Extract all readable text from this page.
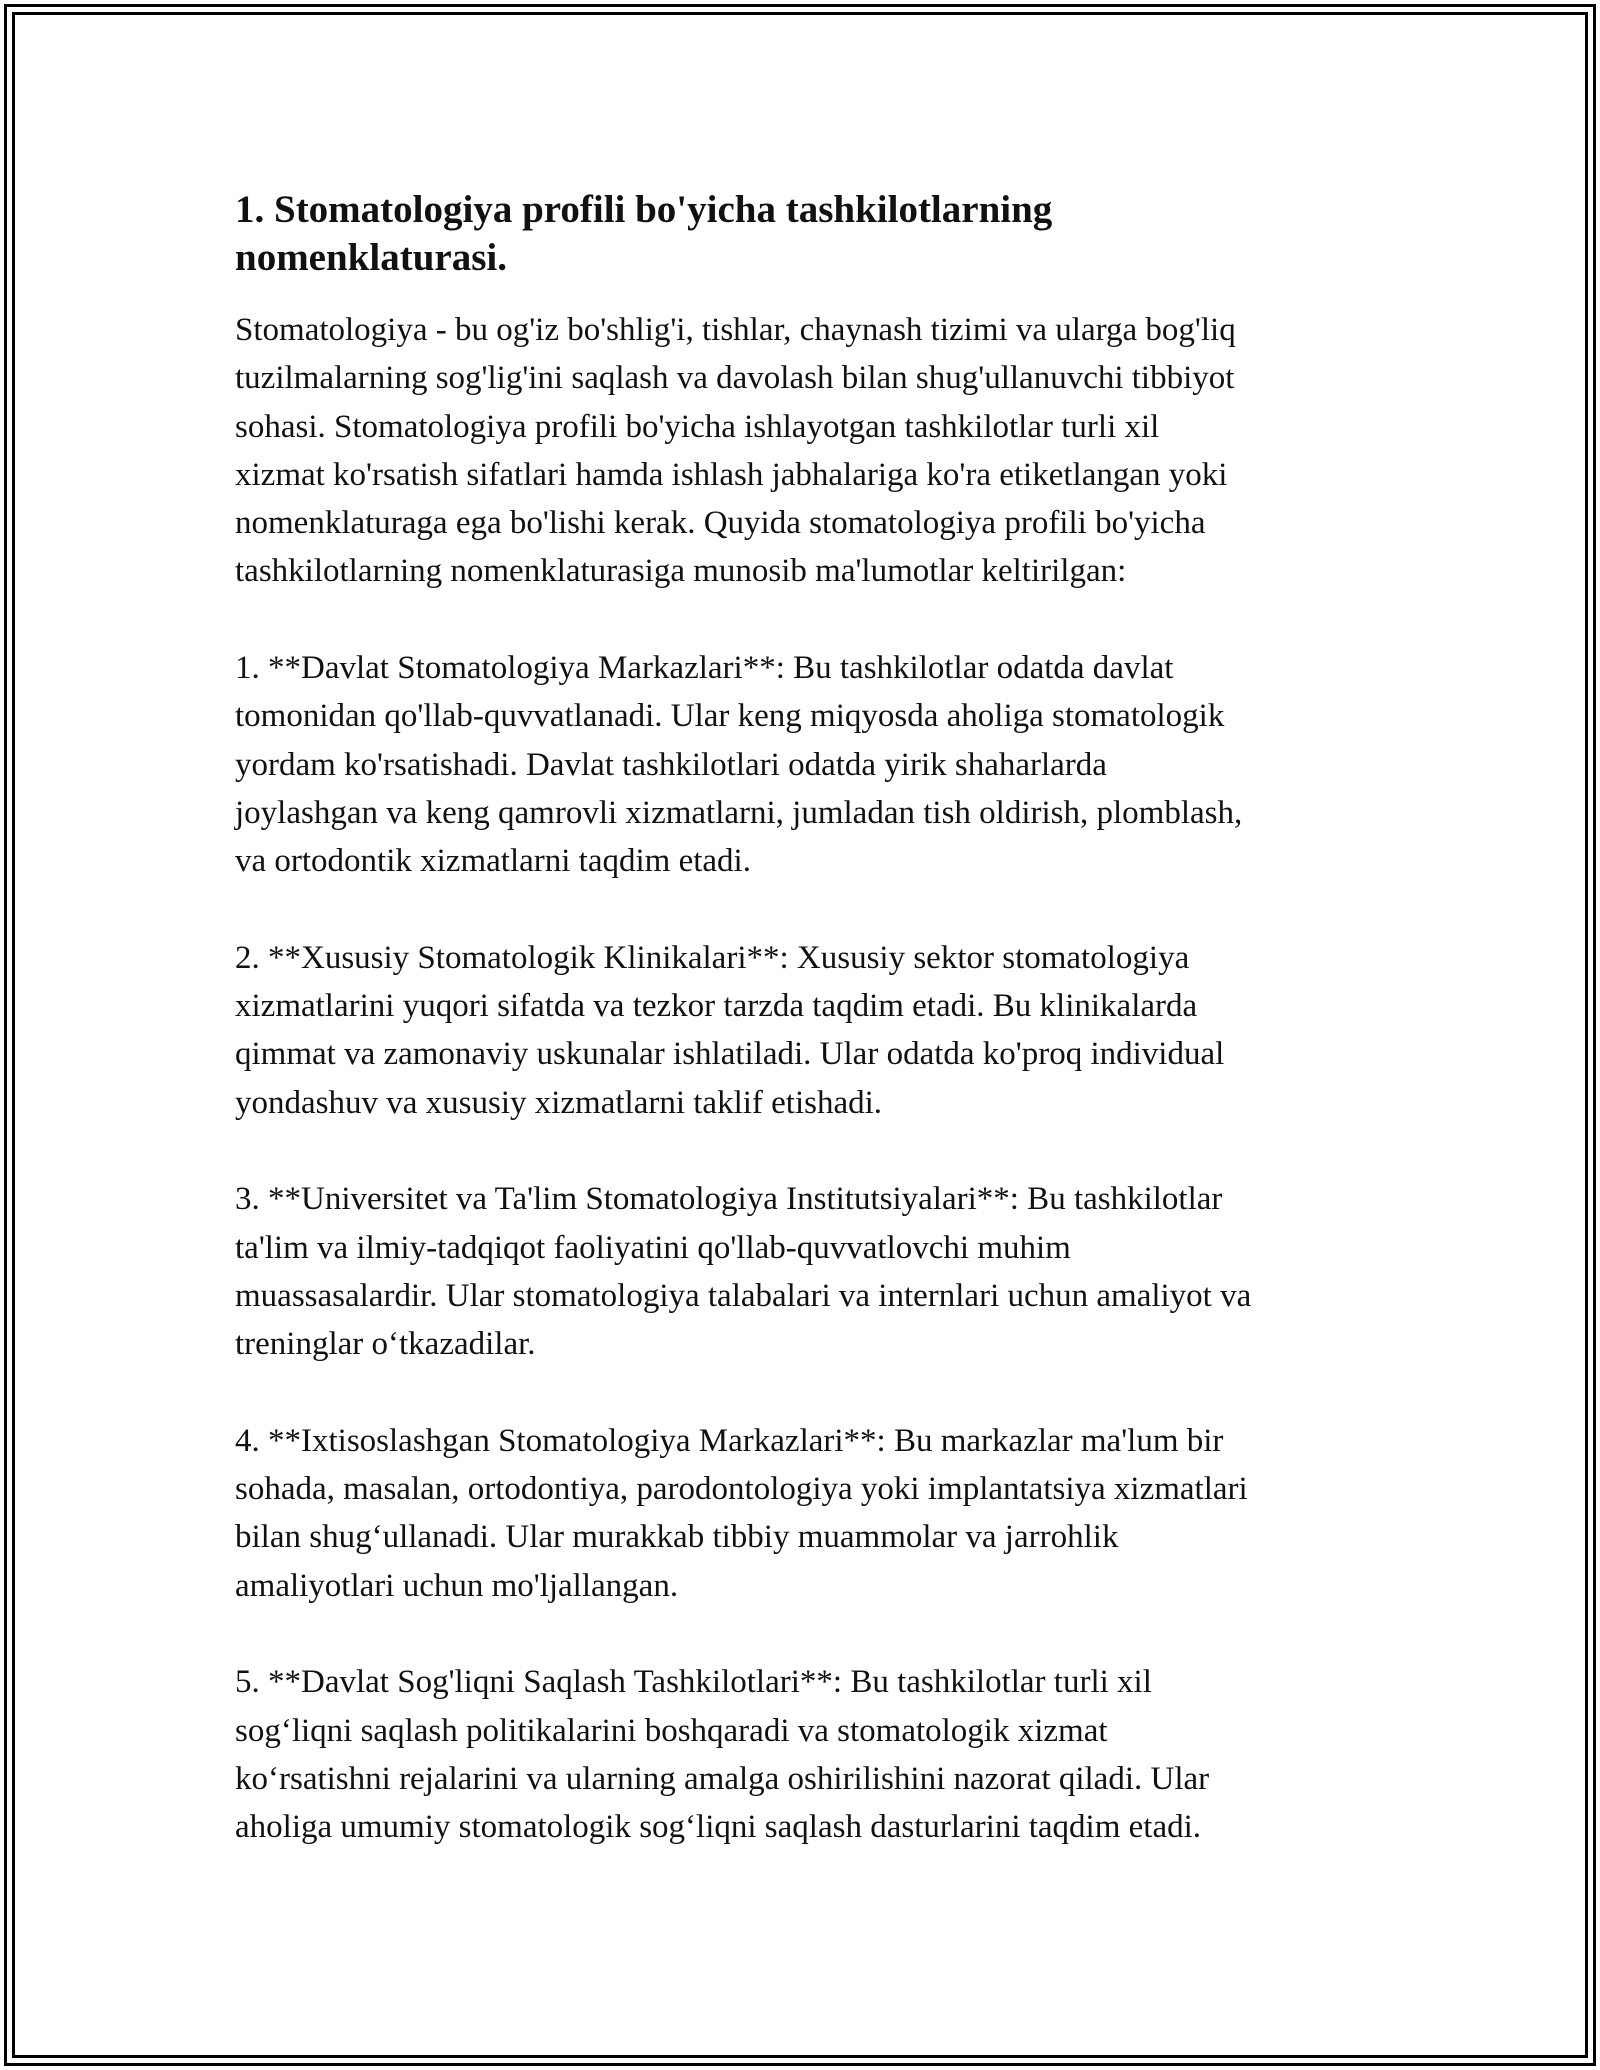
1. Stomatologiya profili bo'yicha tashkilotlarning
nomenklaturasi.

Stomatologiya - bu og'iz bo'shlig'i, tishlar, chaynash tizimi va ularga bog'liq
tuzilmalarning sog'lig'ini saqlash va davolash bilan shug'ullanuvchi tibbiyot
sohasi. Stomatologiya profili bo'yicha ishlayotgan tashkilotlar turli xil
xizmat ko'rsatish sifatlari hamda ishlash jabhalariga ko'ra etiketlangan yoki
nomenklaturaga ega bo'lishi kerak. Quyida stomatologiya profili bo'yicha
tashkilotlarning nomenklaturasiga munosib ma'lumotlar keltirilgan:

1. **Davlat Stomatologiya Markazlari**: Bu tashkilotlar odatda davlat
tomonidan qo'llab-quvvatlanadi. Ular keng miqyosda aholiga stomatologik
yordam ko'rsatishadi. Davlat tashkilotlari odatda yirik shaharlarda
joylashgan va keng qamrovli xizmatlarni, jumladan tish oldirish, plomblash,
va ortodontik xizmatlarni taqdim etadi.

2. **Xususiy Stomatologik Klinikalari**: Xususiy sektor stomatologiya
xizmatlarini yuqori sifatda va tezkor tarzda taqdim etadi. Bu klinikalarda
qimmat va zamonaviy uskunalar ishlatiladi. Ular odatda ko'proq individual
yondashuv va xususiy xizmatlarni taklif etishadi.

3. **Universitet va Ta'lim Stomatologiya Institutsiyalari**: Bu tashkilotlar
ta'lim va ilmiy-tadqiqot faoliyatini qo'llab-quvvatlovchi muhim
muassasalardir. Ular stomatologiya talabalari va internlari uchun amaliyot va
treninglar o‘tkazadilar.

4. **Ixtisoslashgan Stomatologiya Markazlari**: Bu markazlar ma'lum bir
sohada, masalan, ortodontiya, parodontologiya yoki implantatsiya xizmatlari
bilan shug‘ullanadi. Ular murakkab tibbiy muammolar va jarrohlik
amaliyotlari uchun mo'ljallangan.

5. **Davlat Sog'liqni Saqlash Tashkilotlari**: Bu tashkilotlar turli xil
sog‘liqni saqlash politikalarini boshqaradi va stomatologik xizmat
ko‘rsatishni rejalarini va ularning amalga oshirilishini nazorat qiladi. Ular
aholiga umumiy stomatologik sog‘liqni saqlash dasturlarini taqdim etadi.
